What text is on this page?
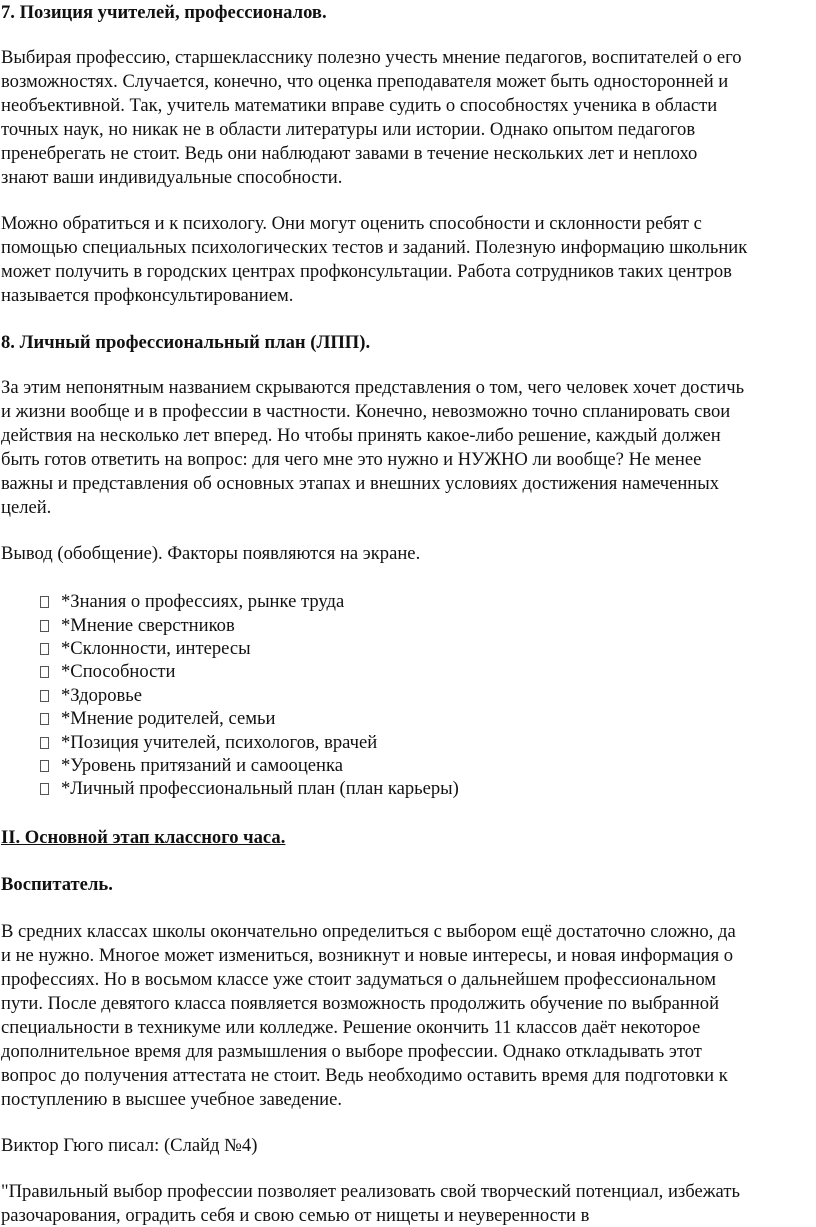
7. Позиция учителей, профессионалов.
Выбирая профессию, старшекласснику полезно учесть мнение педагогов, воспитателей о его
возможностях. Случается, конечно, что оценка преподавателя может быть односторонней и
необъективной. Так, учитель математики вправе судить о способностях ученика в области
точных наук, но никак не в области литературы или истории. Однако опытом педагогов
пренебрегать не стоит. Ведь они наблюдают завами в течение нескольких лет и неплохо
знают ваши индивидуальные способности.
Можно обратиться и к психологу. Они могут оценить способности и склонности ребят с
помощью специальных психологических тестов и заданий. Полезную информацию школьник
может получить в городских центрах профконсультации. Работа сотрудников таких центров
называется профконсультированием.
8. Личный профессиональный план (ЛПП).
За этим непонятным названием скрываются представления о том, чего человек хочет достичь
и жизни вообще и в профессии в частности. Конечно, невозможно точно спланировать свои
действия на несколько лет вперед. Но чтобы принять какое-либо решение, каждый должен
быть готов ответить на вопрос: для чего мне это нужно и НУЖНО ли вообще? Не менее
важны и представления об основных этапах и внешних условиях достижения намеченных
целей.
Вывод (обобщение). Факторы появляются на экране.
*Знания о профессиях, рынке труда
*Мнение сверстников
*Склонности, интересы
*Способности
*Здоровье
*Мнение родителей, семьи
*Позиция учителей, психологов, врачей
*Уровень притязаний и самооценка
*Личный профессиональный план (план карьеры)
II. Основной этап классного часа.
Воспитатель.
В средних классах школы окончательно определиться с выбором ещё достаточно сложно, да
и не нужно. Многое может измениться, возникнут и новые интересы, и новая информация о
профессиях. Но в восьмом классе уже стоит задуматься о дальнейшем профессиональном
пути. После девятого класса появляется возможность продолжить обучение по выбранной
специальности в техникуме или колледже. Решение окончить 11 классов даёт некоторое
дополнительное время для размышления о выборе профессии. Однако откладывать этот
вопрос до получения аттестата не стоит. Ведь необходимо оставить время для подготовки к
поступлению в высшее учебное заведение.
Виктор Гюго писал: (Слайд №4)
"Правильный выбор профессии позволяет реализовать свой творческий потенциал, избежать
разочарования, оградить себя и свою семью от нищеты и неуверенности в
